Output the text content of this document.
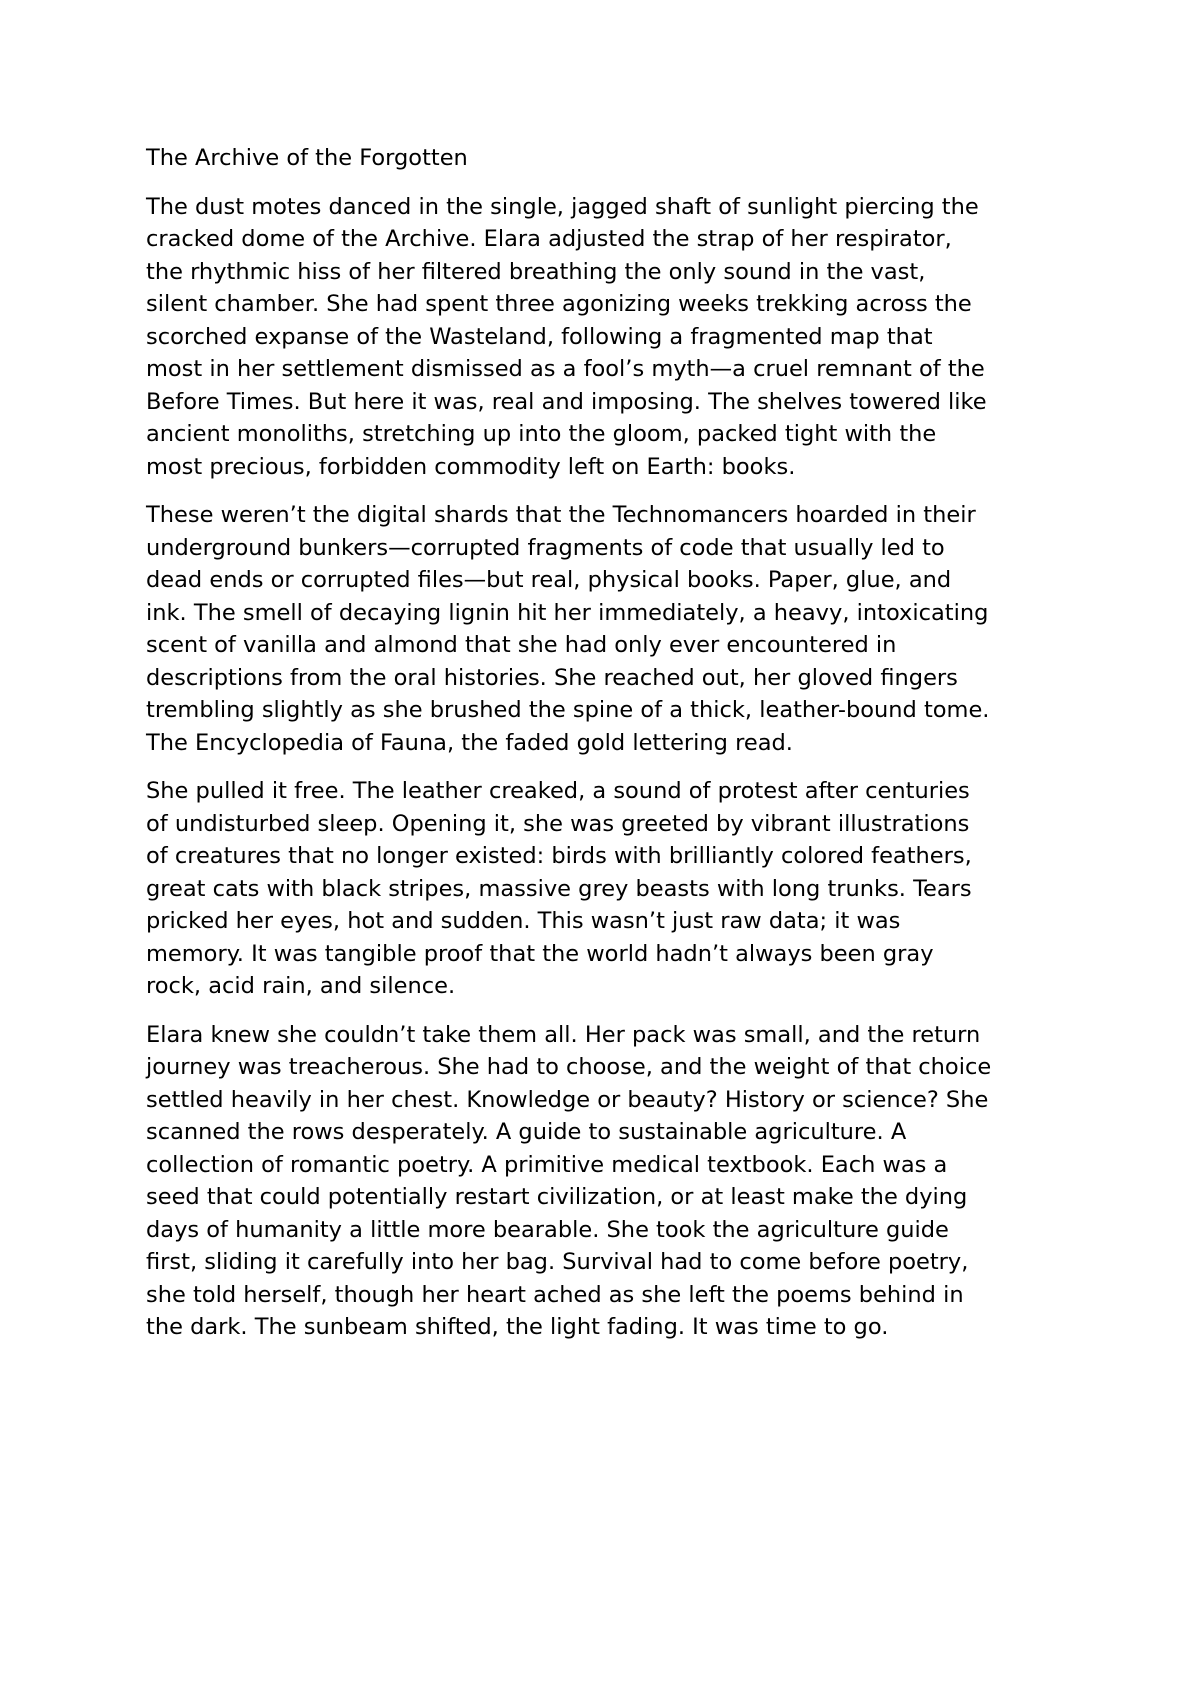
The Archive of the Forgotten

The dust motes danced in the single, jagged shaft of sunlight piercing the
cracked dome of the Archive. Elara adjusted the strap of her respirator,
the rhythmic hiss of her filtered breathing the only sound in the vast,
silent chamber. She had spent three agonizing weeks trekking across the
scorched expanse of the Wasteland, following a fragmented map that
most in her settlement dismissed as a fool’s myth—a cruel remnant of the
Before Times. But here it was, real and imposing. The shelves towered like
ancient monoliths, stretching up into the gloom, packed tight with the
most precious, forbidden commodity left on Earth: books.

These weren’t the digital shards that the Technomancers hoarded in their
underground bunkers—corrupted fragments of code that usually led to
dead ends or corrupted files—but real, physical books. Paper, glue, and
ink. The smell of decaying lignin hit her immediately, a heavy, intoxicating
scent of vanilla and almond that she had only ever encountered in
descriptions from the oral histories. She reached out, her gloved fingers
trembling slightly as she brushed the spine of a thick, leather-bound tome.
The Encyclopedia of Fauna, the faded gold lettering read.

She pulled it free. The leather creaked, a sound of protest after centuries
of undisturbed sleep. Opening it, she was greeted by vibrant illustrations
of creatures that no longer existed: birds with brilliantly colored feathers,
great cats with black stripes, massive grey beasts with long trunks. Tears
pricked her eyes, hot and sudden. This wasn’t just raw data; it was
memory. It was tangible proof that the world hadn’t always been gray
rock, acid rain, and silence.

Elara knew she couldn’t take them all. Her pack was small, and the return
journey was treacherous. She had to choose, and the weight of that choice
settled heavily in her chest. Knowledge or beauty? History or science? She
scanned the rows desperately. A guide to sustainable agriculture. A
collection of romantic poetry. A primitive medical textbook. Each was a
seed that could potentially restart civilization, or at least make the dying
days of humanity a little more bearable. She took the agriculture guide
first, sliding it carefully into her bag. Survival had to come before poetry,
she told herself, though her heart ached as she left the poems behind in
the dark. The sunbeam shifted, the light fading. It was time to go.
